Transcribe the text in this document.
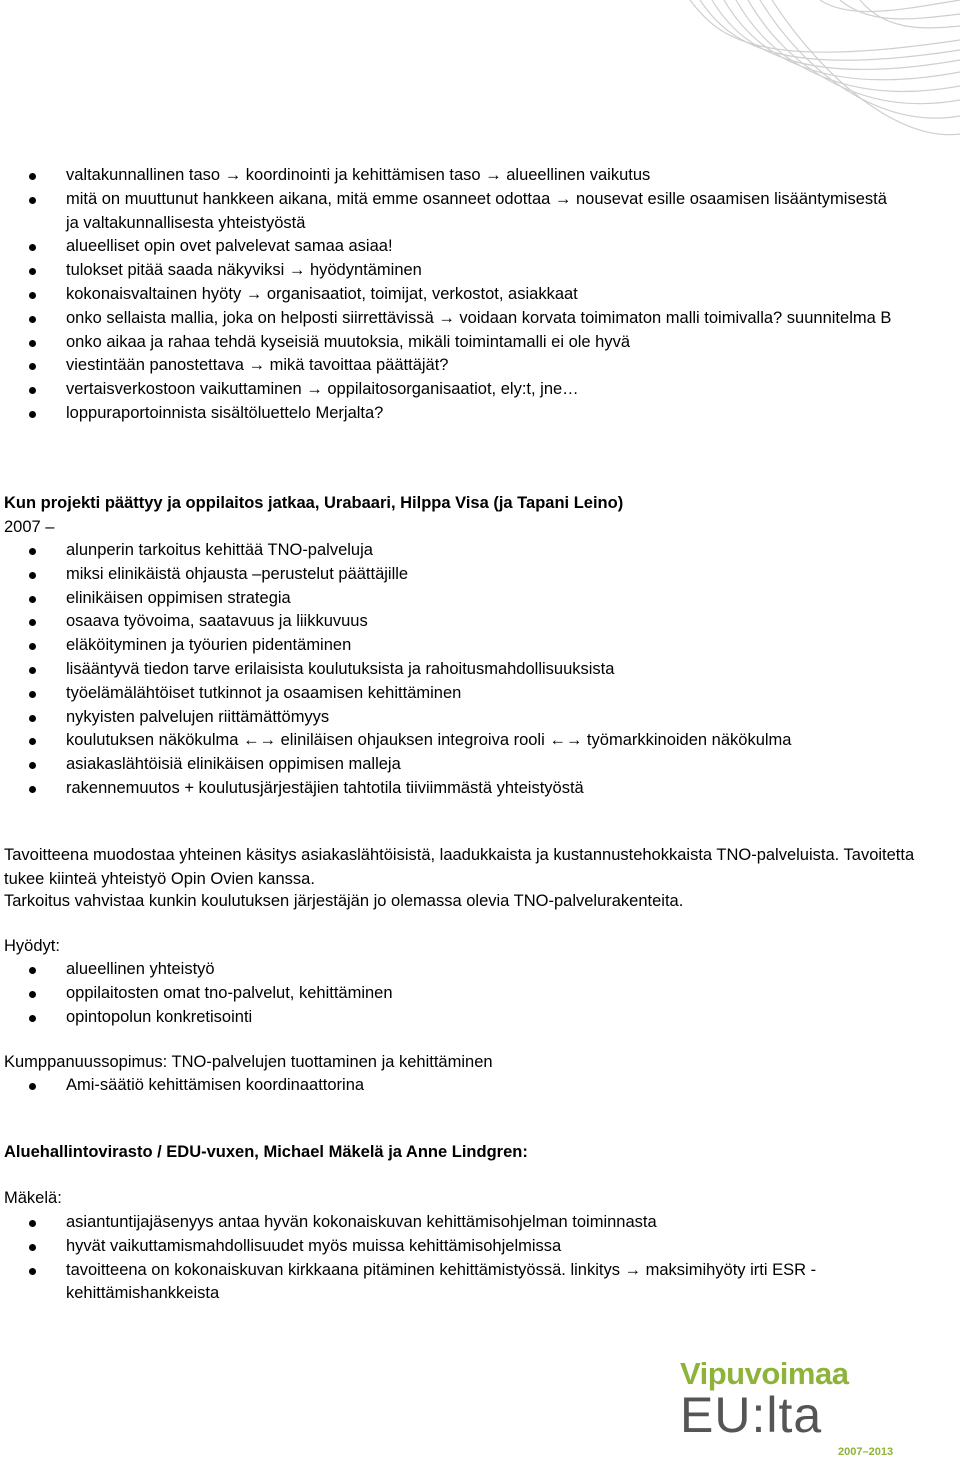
valtakunnallinen taso → koordinointi ja kehittämisen taso → alueellinen vaikutus
mitä on muuttunut hankkeen aikana, mitä emme osanneet odottaa → nousevat esille osaamisen lisääntymisestä ja valtakunnallisesta yhteistyöstä
alueelliset opin ovet palvelevat samaa asiaa!
tulokset pitää saada näkyviksi → hyödyntäminen
kokonaisvaltainen hyöty → organisaatiot, toimijat, verkostot, asiakkaat
onko sellaista mallia, joka on helposti siirrettävissä → voidaan korvata toimimaton malli toimivalla? suunnitelma B
onko aikaa ja rahaa tehdä kyseisiä muutoksia, mikäli toimintamalli ei ole hyvä
viestintään panostettava → mikä tavoittaa päättäjät?
vertaisverkostoon vaikuttaminen → oppilaitosorganisaatiot, ely:t, jne…
loppuraportoinnista sisältöluettelo Merjalta?

Kun projekti päättyy ja oppilaitos jatkaa, Urabaari, Hilppa Visa (ja Tapani Leino)

2007 –

alunperin tarkoitus kehittää TNO-palveluja
miksi elinikäistä ohjausta –perustelut päättäjille
elinikäisen oppimisen strategia
osaava työvoima, saatavuus ja liikkuvuus
eläköityminen ja työurien pidentäminen
lisääntyvä tiedon tarve erilaisista koulutuksista ja rahoitusmahdollisuuksista
työelämälähtöiset tutkinnot ja osaamisen kehittäminen
nykyisten palvelujen riittämättömyys
koulutuksen näkökulma ←→ eliniläisen ohjauksen integroiva rooli ←→ työmarkkinoiden näkökulma
asiakaslähtöisiä elinikäisen oppimisen malleja
rakennemuutos + koulutusjärjestäjien tahtotila tiiviimmästä yhteistyöstä

Tavoitteena muodostaa yhteinen käsitys asiakaslähtöisistä, laadukkaista ja kustannustehokkaista TNO-palveluista. Tavoitetta tukee kiinteä yhteistyö Opin Ovien kanssa.

Tarkoitus vahvistaa kunkin koulutuksen järjestäjän jo olemassa olevia TNO-palvelurakenteita.

Hyödyt:

alueellinen yhteistyö
oppilaitosten omat tno-palvelut, kehittäminen
opintopolun konkretisointi

Kumppanuussopimus: TNO-palvelujen tuottaminen ja kehittäminen

Ami-säätiö kehittämisen koordinaattorina

Aluehallintovirasto / EDU-vuxen, Michael Mäkelä ja Anne Lindgren:

Mäkelä:

asiantuntijajäsenyys antaa hyvän kokonaiskuvan kehittämisohjelman toiminnasta
hyvät vaikuttamismahdollisuudet myös muissa kehittämisohjelmissa
tavoitteena on kokonaiskuvan kirkkaana pitäminen kehittämistyössä. linkitys → maksimihyöty irti ESR -kehittämishankkeista
Vipuvoimaa
EU:lta
2007–2013
